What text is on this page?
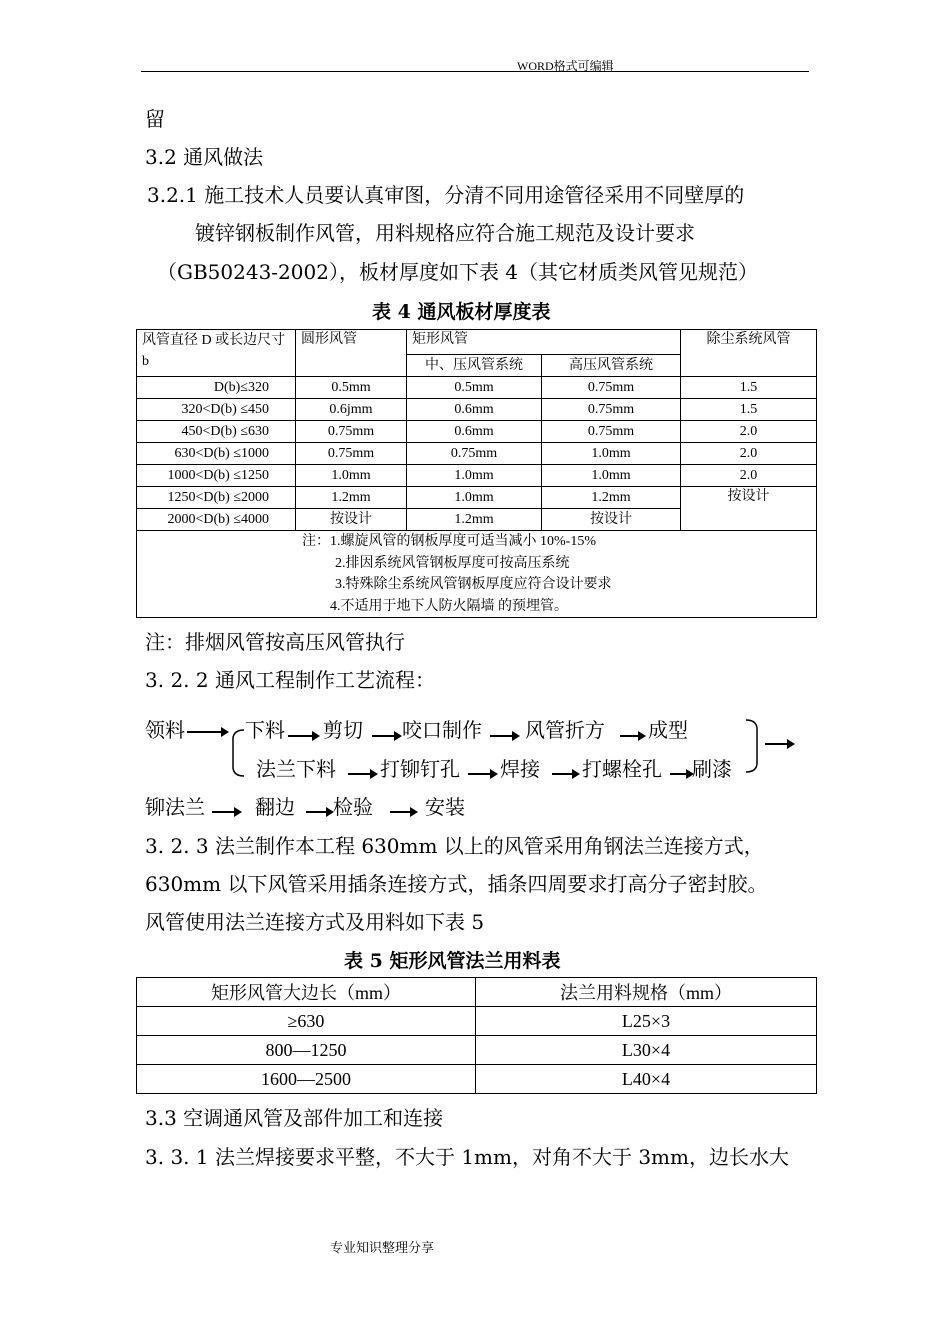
WORD格式可编辑
留
3.2 通风做法
3.2.1 施工技术人员要认真审图，分清不同用途管径采用不同壁厚的
镀锌钢板制作风管，用料规格应符合施工规范及设计要求
（GB50243-2002），板材厚度如下表 4（其它材质类风管见规范）
表 4 通风板材厚度表
风管直径 D 或长边尺寸 b	圆形风管	矩形风管		除尘系统风管
		中、压风管系统	高压风管系统	
D(b)≤320	0.5mm	0.5mm	0.75mm	1.5
320<D(b) ≤450	0.6jmm	0.6mm	0.75mm	1.5
450<D(b) ≤630	0.75mm	0.6mm	0.75mm	2.0
630<D(b) ≤1000	0.75mm	0.75mm	1.0mm	2.0
1000<D(b) ≤1250	1.0mm	1.0mm	1.0mm	2.0
1250<D(b) ≤2000	1.2mm	1.0mm	1.2mm	按设计
2000<D(b) ≤4000	按设计	1.2mm	按设计	

注：1.螺旋风管的钢板厚度可适当减小 10%-15%
2.排因系统风管钢板厚度可按高压系统
3.特殊除尘系统风管钢板厚度应符合设计要求
4.不适用于地下人防火隔墙 的预埋管。				
注：排烟风管按高压风管执行
3. 2. 2 通风工程制作工艺流程：
领料	下料 剪切 咬口制作 风管折方 成型
法兰下料 打铆钉孔 焊接 打螺栓孔 刷漆
铆法兰	翻边 检验	安装
3. 2. 3 法兰制作本工程 630mm 以上的风管采用角钢法兰连接方式，
630mm 以下风管采用插条连接方式，插条四周要求打高分子密封胶。
风管使用法兰连接方式及用料如下表 5
表 5 矩形风管法兰用料表
矩形风管大边长（mm）	法兰用料规格（mm）
≥630	L25×3
800—1250	L30×4
1600—2500	L40×4
3.3 空调通风管及部件加工和连接
3. 3. 1 法兰焊接要求平整，不大于 1mm，对角不大于 3mm，边长水大
专业知识整理分享
